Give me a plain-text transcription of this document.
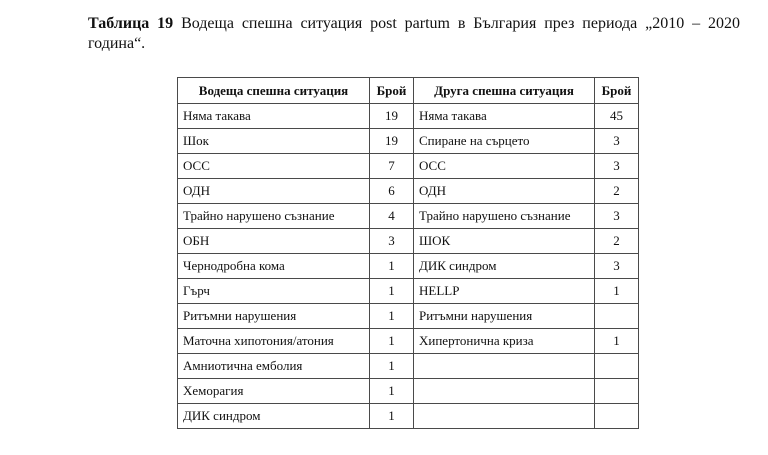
Таблица 19 Водеща спешна ситуация post partum в България през периода „2010 – 2020 година“.
Водеща спешна ситуация	Брой	Друга спешна ситуация	Брой
Няма такава	19	Няма такава	45
Шок	19	Спиране на сърцето	3
ОСС	7	ОСС	3
ОДН	6	ОДН	2
Трайно нарушено съзнание	4	Трайно нарушено съзнание	3
ОБН	3	ШОК	2
Чернодробна кома	1	ДИК синдром	3
Гърч	1	HELLP	1
Ритъмни нарушения	1	Ритъмни нарушения	
Маточна хипотония/атония	1	Хипертонична криза	1
Амниотична емболия	1		
Хеморагия	1		
ДИК синдром	1		
